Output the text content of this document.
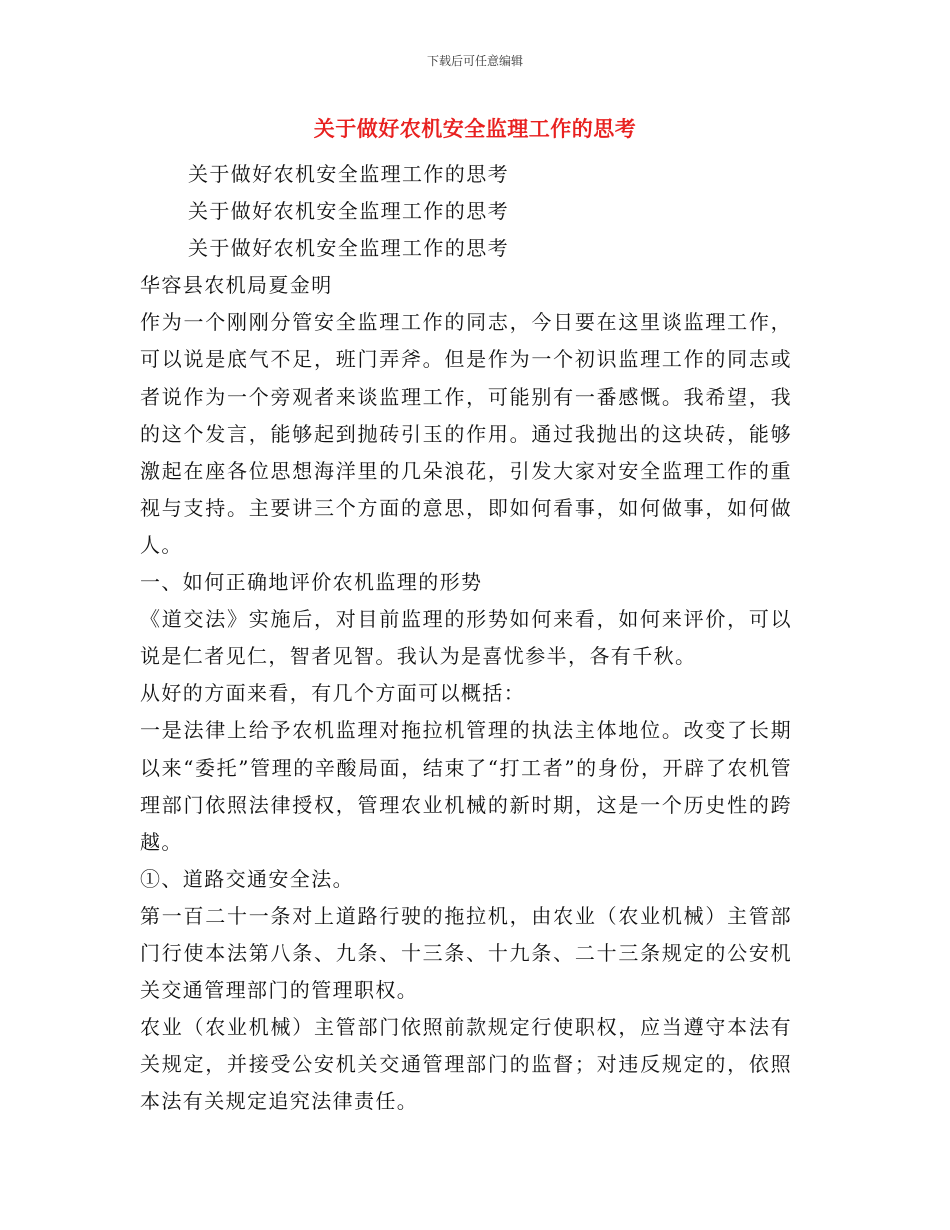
下载后可任意编辑
关于做好农机安全监理工作的思考

关于做好农机安全监理工作的思考

关于做好农机安全监理工作的思考

关于做好农机安全监理工作的思考

华容县农机局夏金明

作为一个刚刚分管安全监理工作的同志，今日要在这里谈监理工作，可以说是底气不足，班门弄斧。但是作为一个初识监理工作的同志或者说作为一个旁观者来谈监理工作，可能别有一番感慨。我希望，我的这个发言，能够起到抛砖引玉的作用。通过我抛出的这块砖，能够激起在座各位思想海洋里的几朵浪花，引发大家对安全监理工作的重视与支持。主要讲三个方面的意思，即如何看事，如何做事，如何做人。

一、如何正确地评价农机监理的形势

《道交法》实施后，对目前监理的形势如何来看，如何来评价，可以说是仁者见仁，智者见智。我认为是喜忧参半，各有千秋。

从好的方面来看，有几个方面可以概括：

一是法律上给予农机监理对拖拉机管理的执法主体地位。改变了长期以来“委托”管理的辛酸局面，结束了“打工者”的身份，开辟了农机管理部门依照法律授权，管理农业机械的新时期，这是一个历史性的跨越。

①、道路交通安全法。

第一百二十一条对上道路行驶的拖拉机，由农业（农业机械）主管部门行使本法第八条、九条、十三条、十九条、二十三条规定的公安机关交通管理部门的管理职权。

农业（农业机械）主管部门依照前款规定行使职权，应当遵守本法有关规定，并接受公安机关交通管理部门的监督；对违反规定的，依照本法有关规定追究法律责任。
